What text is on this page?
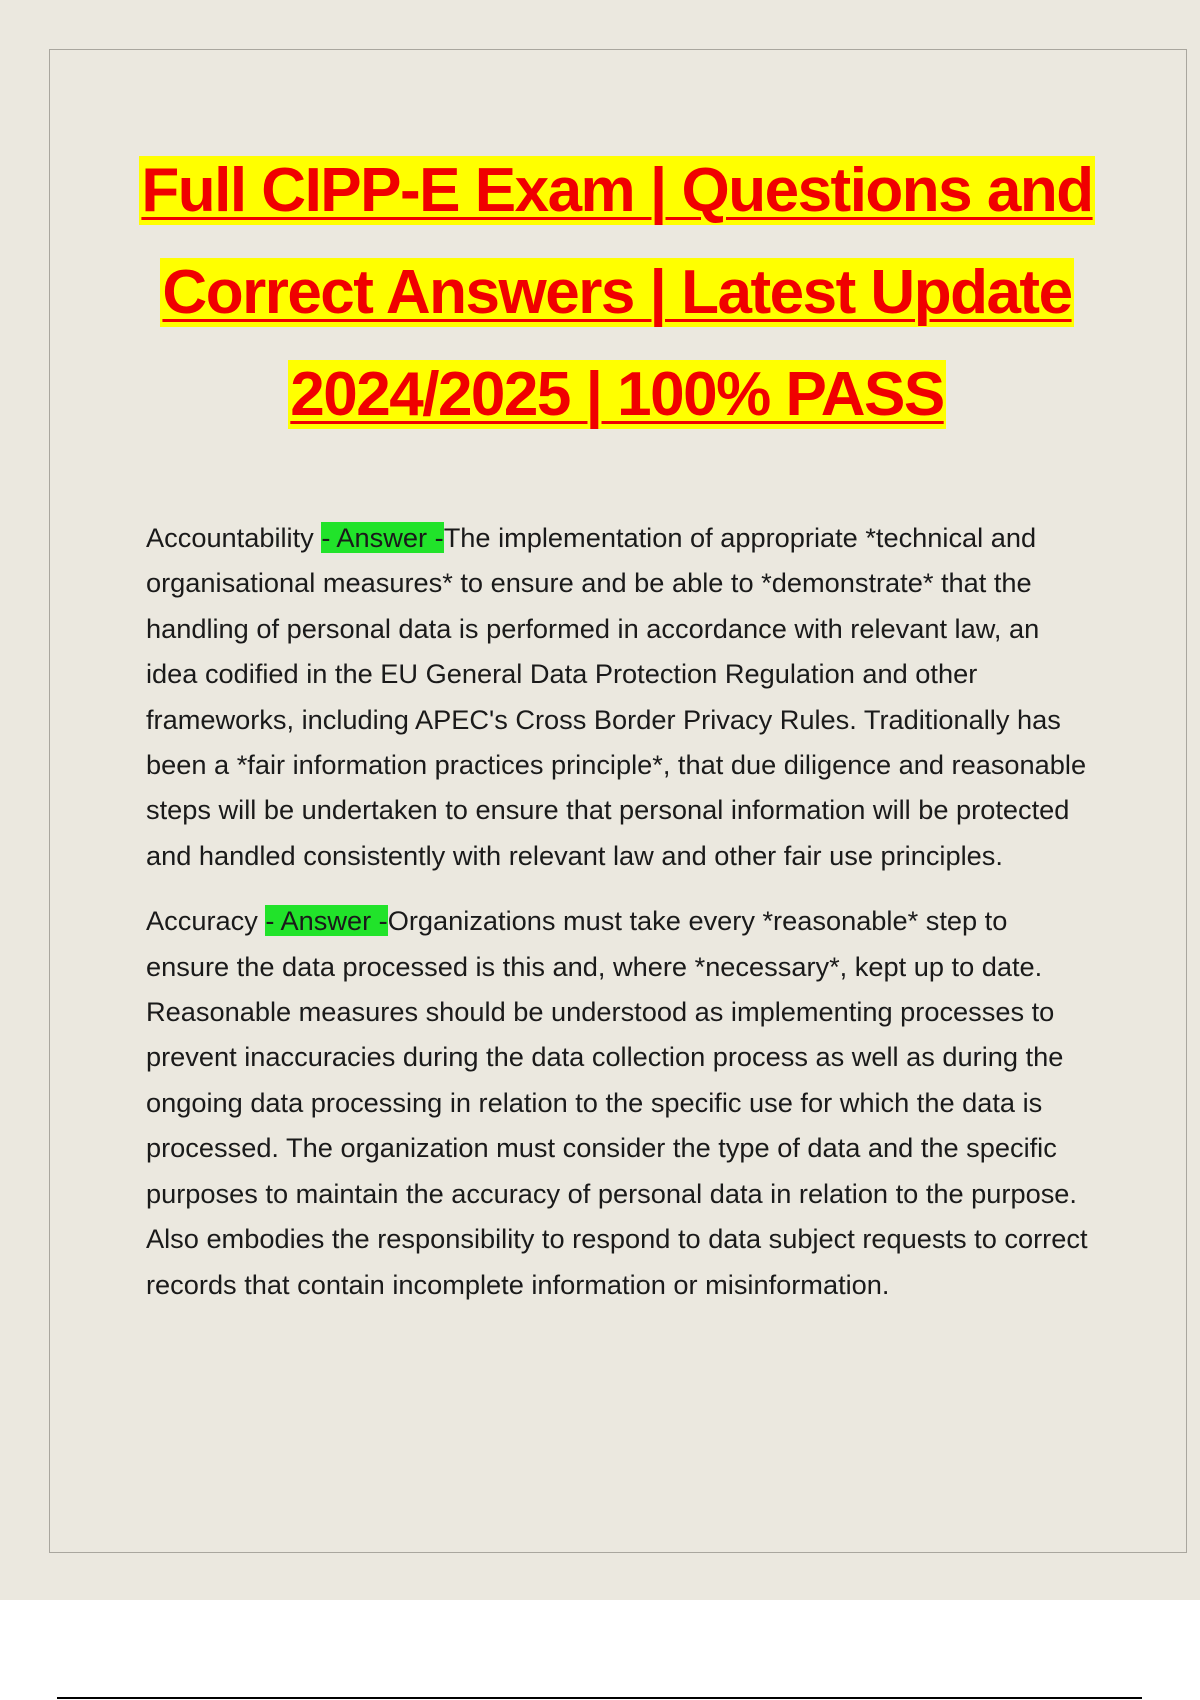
Full CIPP-E Exam | Questions and
Correct Answers | Latest Update
2024/2025 | 100% PASS

Accountability - Answer -The implementation of appropriate *technical and organisational measures* to ensure and be able to *demonstrate* that the handling of personal data is performed in accordance with relevant law, an idea codified in the EU General Data Protection Regulation and other frameworks, including APEC's Cross Border Privacy Rules. Traditionally has been a *fair information practices principle*, that due diligence and reasonable steps will be undertaken to ensure that personal information will be protected and handled consistently with relevant law and other fair use principles.

Accuracy - Answer -Organizations must take every *reasonable* step to ensure the data processed is this and, where *necessary*, kept up to date. Reasonable measures should be understood as implementing processes to prevent inaccuracies during the data collection process as well as during the ongoing data processing in relation to the specific use for which the data is processed. The organization must consider the type of data and the specific purposes to maintain the accuracy of personal data in relation to the purpose. Also embodies the responsibility to respond to data subject requests to correct records that contain incomplete information or misinformation.
